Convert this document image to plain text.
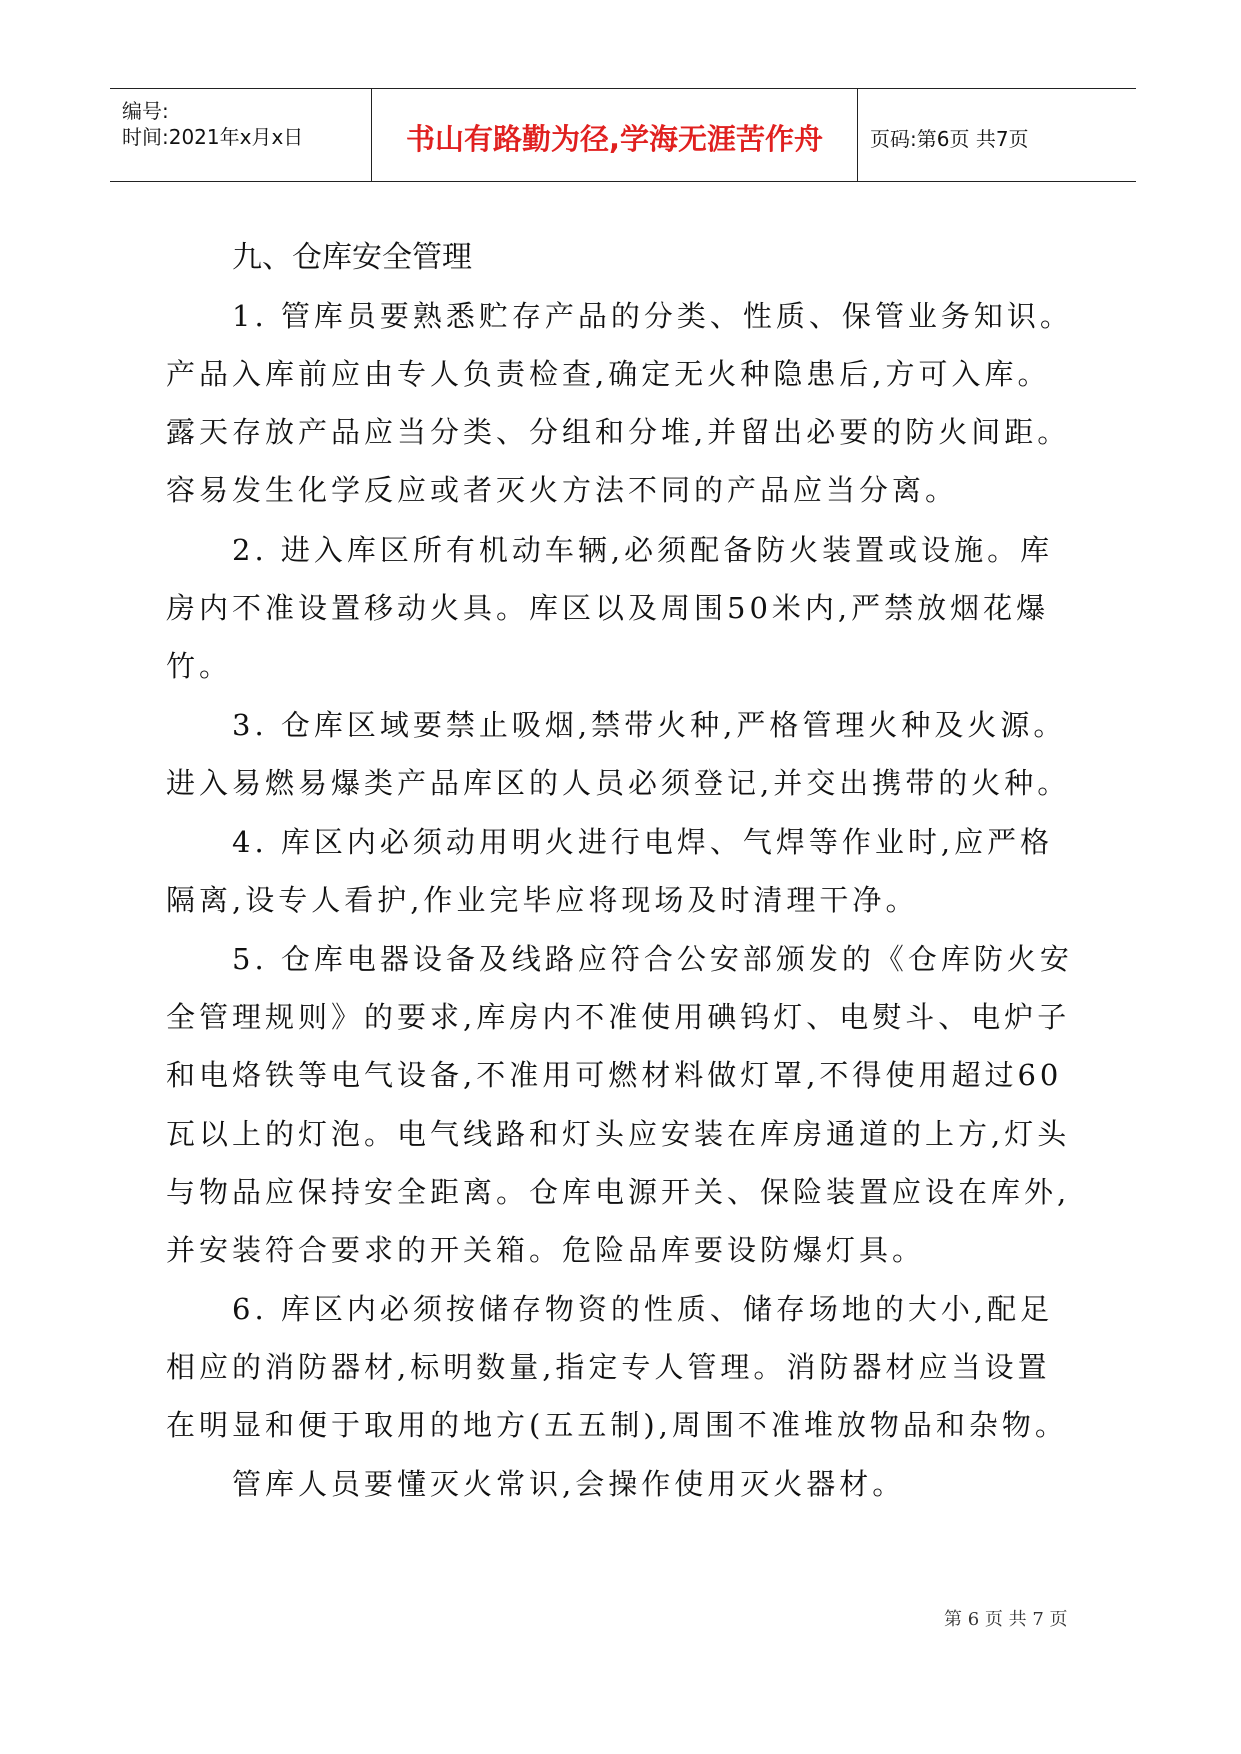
编号:
时间:2021年x月x日	书山有路勤为径,学海无涯苦作舟	页码:第6页 共7页
九、仓库安全管理
1. 管库员要熟悉贮存产品的分类、性质、保管业务知识。
产品入库前应由专人负责检查,确定无火种隐患后,方可入库。
露天存放产品应当分类、分组和分堆,并留出必要的防火间距。
容易发生化学反应或者灭火方法不同的产品应当分离。
2. 进入库区所有机动车辆,必须配备防火装置或设施。库
房内不准设置移动火具。库区以及周围50米内,严禁放烟花爆
竹。
3. 仓库区域要禁止吸烟,禁带火种,严格管理火种及火源。
进入易燃易爆类产品库区的人员必须登记,并交出携带的火种。
4. 库区内必须动用明火进行电焊、气焊等作业时,应严格
隔离,设专人看护,作业完毕应将现场及时清理干净。
5. 仓库电器设备及线路应符合公安部颁发的《仓库防火安
全管理规则》的要求,库房内不准使用碘钨灯、电熨斗、电炉子
和电烙铁等电气设备,不准用可燃材料做灯罩,不得使用超过60
瓦以上的灯泡。电气线路和灯头应安装在库房通道的上方,灯头
与物品应保持安全距离。仓库电源开关、保险装置应设在库外,
并安装符合要求的开关箱。危险品库要设防爆灯具。
6. 库区内必须按储存物资的性质、储存场地的大小,配足
相应的消防器材,标明数量,指定专人管理。消防器材应当设置
在明显和便于取用的地方(五五制),周围不准堆放物品和杂物。
管库人员要懂灭火常识,会操作使用灭火器材。
第 6 页 共 7 页
